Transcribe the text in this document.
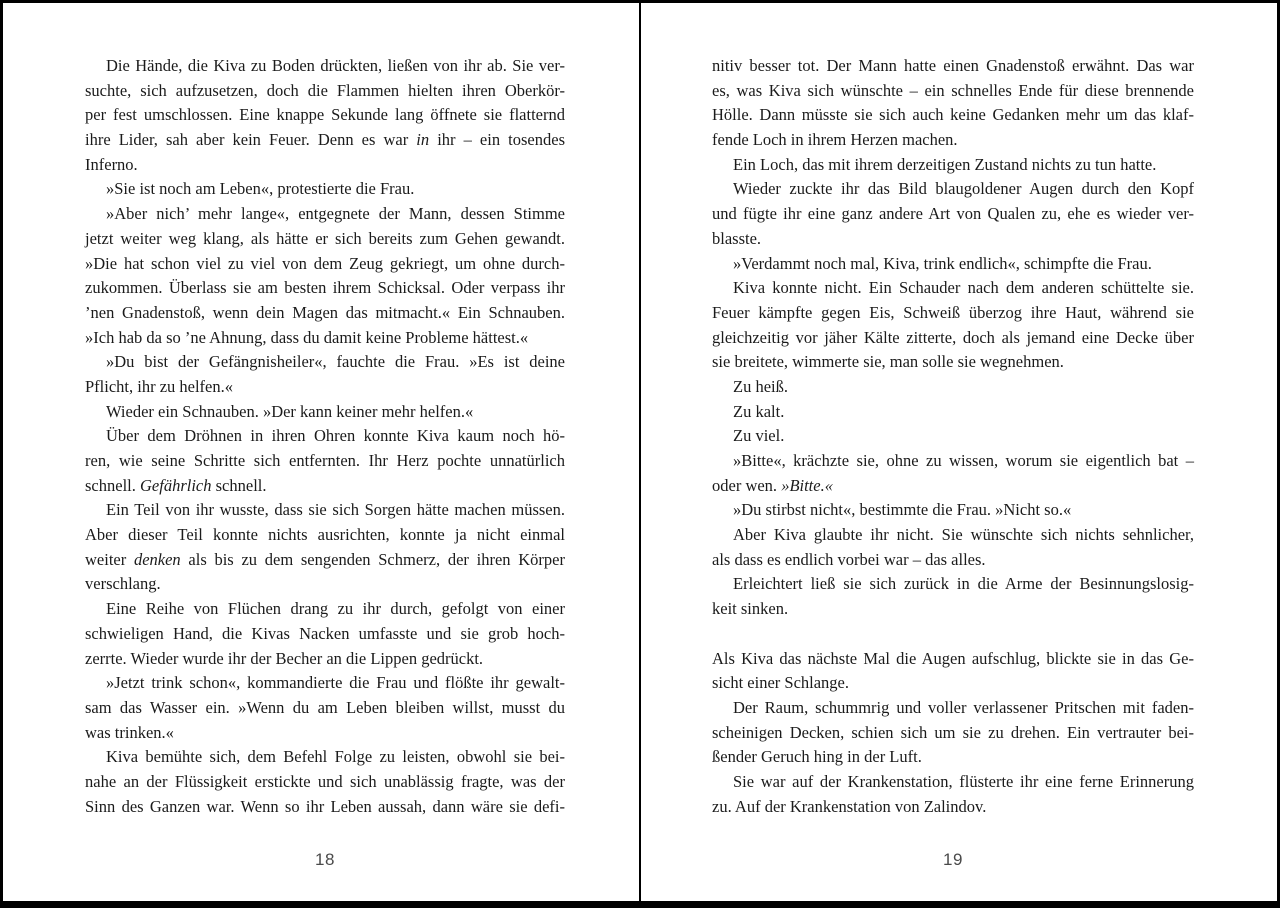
Die Hände, die Kiva zu Boden drückten, ließen von ihr ab. Sie ver-
suchte, sich aufzusetzen, doch die Flammen hielten ihren Oberkör-
per fest umschlossen. Eine knappe Sekunde lang öffnete sie flatternd
ihre Lider, sah aber kein Feuer. Denn es war in ihr – ein tosendes
Inferno.
»Sie ist noch am Leben«, protestierte die Frau.
»Aber nich’ mehr lange«, entgegnete der Mann, dessen Stimme
jetzt weiter weg klang, als hätte er sich bereits zum Gehen gewandt.
»Die hat schon viel zu viel von dem Zeug gekriegt, um ohne durch-
zukommen. Überlass sie am besten ihrem Schicksal. Oder verpass ihr
’nen Gnadenstoß, wenn dein Magen das mitmacht.« Ein Schnauben.
»Ich hab da so ’ne Ahnung, dass du damit keine Probleme hättest.«
»Du bist der Gefängnisheiler«, fauchte die Frau. »Es ist deine
Pflicht, ihr zu helfen.«
Wieder ein Schnauben. »Der kann keiner mehr helfen.«
Über dem Dröhnen in ihren Ohren konnte Kiva kaum noch hö-
ren, wie seine Schritte sich entfernten. Ihr Herz pochte unnatürlich
schnell. Gefährlich schnell.
Ein Teil von ihr wusste, dass sie sich Sorgen hätte machen müssen.
Aber dieser Teil konnte nichts ausrichten, konnte ja nicht einmal
weiter denken als bis zu dem sengenden Schmerz, der ihren Körper
verschlang.
Eine Reihe von Flüchen drang zu ihr durch, gefolgt von einer
schwieligen Hand, die Kivas Nacken umfasste und sie grob hoch-
zerrte. Wieder wurde ihr der Becher an die Lippen gedrückt.
»Jetzt trink schon«, kommandierte die Frau und flößte ihr gewalt-
sam das Wasser ein. »Wenn du am Leben bleiben willst, musst du
was trinken.«
Kiva bemühte sich, dem Befehl Folge zu leisten, obwohl sie bei-
nahe an der Flüssigkeit erstickte und sich unablässig fragte, was der
Sinn des Ganzen war. Wenn so ihr Leben aussah, dann wäre sie defi-
18
nitiv besser tot. Der Mann hatte einen Gnadenstoß erwähnt. Das war
es, was Kiva sich wünschte – ein schnelles Ende für diese brennende
Hölle. Dann müsste sie sich auch keine Gedanken mehr um das klaf-
fende Loch in ihrem Herzen machen.
Ein Loch, das mit ihrem derzeitigen Zustand nichts zu tun hatte.
Wieder zuckte ihr das Bild blaugoldener Augen durch den Kopf
und fügte ihr eine ganz andere Art von Qualen zu, ehe es wieder ver-
blasste.
»Verdammt noch mal, Kiva, trink endlich«, schimpfte die Frau.
Kiva konnte nicht. Ein Schauder nach dem anderen schüttelte sie.
Feuer kämpfte gegen Eis, Schweiß überzog ihre Haut, während sie
gleichzeitig vor jäher Kälte zitterte, doch als jemand eine Decke über
sie breitete, wimmerte sie, man solle sie wegnehmen.
Zu heiß.
Zu kalt.
Zu viel.
»Bitte«, krächzte sie, ohne zu wissen, worum sie eigentlich bat –
oder wen. »Bitte.«
»Du stirbst nicht«, bestimmte die Frau. »Nicht so.«
Aber Kiva glaubte ihr nicht. Sie wünschte sich nichts sehnlicher,
als dass es endlich vorbei war – das alles.
Erleichtert ließ sie sich zurück in die Arme der Besinnungslosig-
keit sinken.

Als Kiva das nächste Mal die Augen aufschlug, blickte sie in das Ge-
sicht einer Schlange.
Der Raum, schummrig und voller verlassener Pritschen mit faden-
scheinigen Decken, schien sich um sie zu drehen. Ein vertrauter bei-
ßender Geruch hing in der Luft.
Sie war auf der Krankenstation, flüsterte ihr eine ferne Erinnerung
zu. Auf der Krankenstation von Zalindov.
19
